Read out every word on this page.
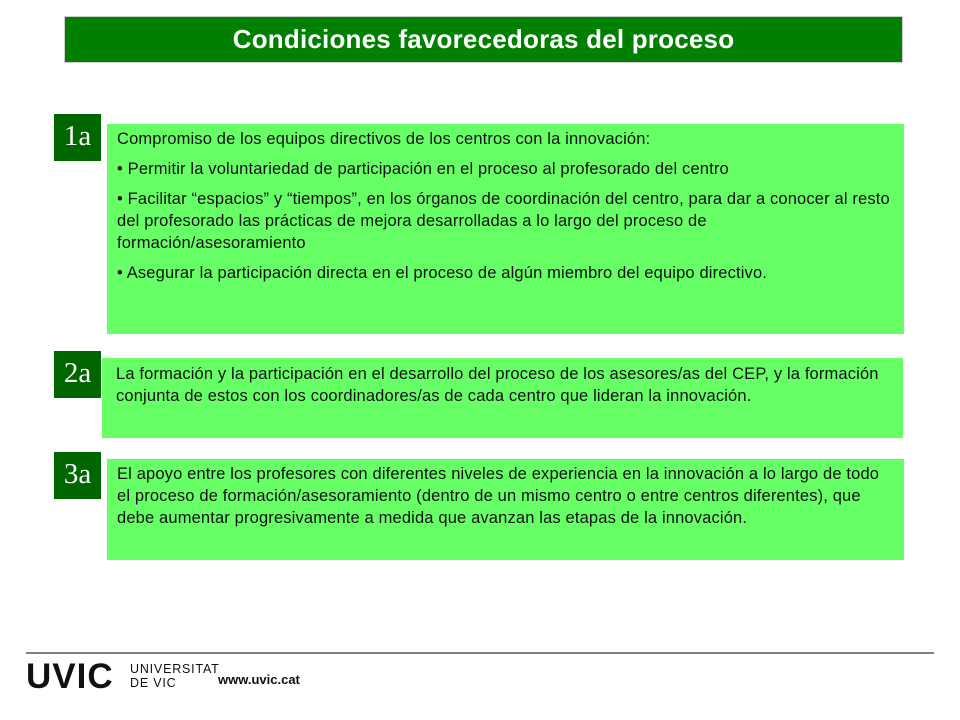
Condiciones favorecedoras del proceso

Compromiso de los equipos directivos de los centros con la innovación:

• Permitir la voluntariedad de participación en el proceso al profesorado del centro

• Facilitar “espacios” y “tiempos”, en los órganos de coordinación del centro, para dar a conocer al resto del profesorado las prácticas de mejora desarrolladas a lo largo del proceso de formación/asesoramiento

• Asegurar la participación directa en el proceso de algún miembro del equipo directivo.

1a

La formación y la participación en el desarrollo del proceso de los asesores/as del CEP, y la formación conjunta de estos con los coordinadores/as de cada centro que lideran la innovación.

2a

El apoyo entre los profesores con diferentes niveles de experiencia en la innovación a lo largo de todo el proceso de formación/asesoramiento (dentro de un mismo centro o entre centros diferentes), que debe aumentar progresivamente a medida que avanzan las etapas de la innovación.

3a
UVIC UNIVERSITAT
DE VIC	www.uvic.cat
